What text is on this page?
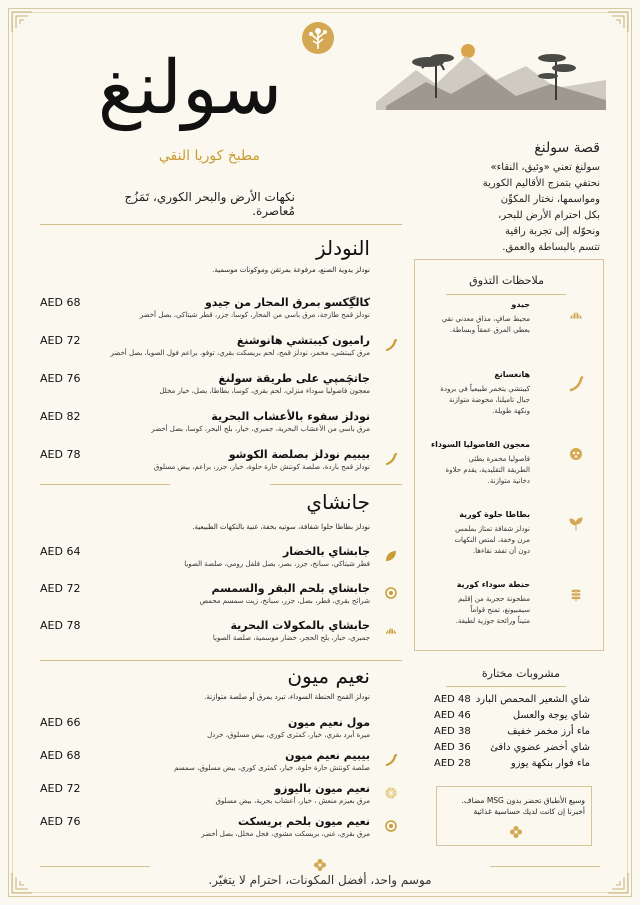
سولنغ
مطبخ كوريا النقي
نكهات الأرض والبحر الكوري، تَمَزُج مُعاصرة.
قصة سولنغ
سولنغ تعني «وئيق، النقاء»
نحتفي بتمزج الأقاليم الكورية
ومواسمها، نختار المكوِّن
بكل احترام الأرض للبحر،
ونحوّله إلى تجربة راقية
تتسم بالبساطة والعمق.
النودلز
نودلز يدوية الصنع، مرفوعة بمرتقن وموكونات موسمية.
كالگِكسو بمرق المحار من جيدو
نودلز قمح طازجة، مرق باسي من المحار، كوسا، جزر، قطر شيتاكي، بصل أخضر
AED 68
راميون كيبتشي هانوشنغ
مرق كيبتشي، مخمر، نودلز قمح، لحم بريسكت بقري، توفو، براعم فول الصويا، بصل أخضر
AED 72
جاتچَمپي على طريقة سولنغ
معجون فاصوليا سوداء منزلي، لحم بقري، كوسا، بطاطا، بصل، خيار مخلل
AED 76
نودلز سفوء بالأعشاب البحرية
مرق باسي من الأعشاب البحرية، جمبري، خيار، بلح البحر، كوسا، بصل أخضر
AED 82
بيبيم نودلز بصلصة الكوشو
نودلز قمح باردة، صلصة كونتش حارة حلوة، خيار، جزر، براعم، بيض مسلوق
AED 78
جانشاي
نودلز بطاطا حلوا شفافة، سوتيه بخفة، غنية بالنكهات الطبيعية.
جابشاي بالخضار
فطر شيتاكي، سبانخ، جزر، بصر، بصل فلفل رومي، صلصة الصويا
AED 64
جابشاي بلحم البقر والسمسم
شرائح بقري، فطر، بصل، جزر، سبانخ، زيت سمسم محمص
AED 72
جابشاي بالمكولات البحرية
جمبري، حبار، بلح الحجر، خضار موسمية، صلصة الصويا
AED 78
نعيم ميون
نودلز القمح الحنطة السوداء، تبرد بمرق أو صلصة متوازنة.
مول نعيم ميون
ميرة أبرد بقري، خيار، كمثرى كوري، بيض مسلوق، خردل
AED 66
بيبيم نعيم ميون
صلصة كونتش حارة حلوة، خيار، كمثرى كوري، بيض مسلوق، سمسم
AED 68
نعيم ميون باليوزو
مرق بعيزم منعش ، خيار، أعشاب بحرية، بيض مسلوق
AED 72
نعيم ميون بلحم بريسكت
مرق بقري، غني، بريسكت مشوي، فجل مخلل، بصل أخضر
AED 76
ملاحظات التذوق
جيدو
محيط صافٍ، مذاق معدني نقي
يعطي المرق عمقاً وبساطة.
هانغسانغ
كيبتشي يتخمر طبيعياً في برودة
جبال تاميلنا، محوضة متوازنة
ونكهة طويلة.
معجون الفاصوليا السوداء
فاصوليا مخمرة بطئي
الطريقة التقليدية، يقدم حلاوة
دخانية متوازنة.
بطاطا حلوة كورية
نودلز شفافة تمتاز بملمس
مرن وخفة، لمتص النكهات
دون أن تفقد نقاءها.
حنطة سوداء كورية
مطحونة حجرية من إقليم
سيمبيونغ، تمنح قواماً
متيناً ورائحة جوزية لطيفة.
مشروبات مختارة
شاي الشعير المحمص البارد
AED 48
شاي يوجة والعسل
AED 46
ماء أرز مخمر خفيف
AED 38
شاي أخضر عضوي دافئ
AED 36
ماء فوار بنكهة يوزو
AED 28
وسيع الأطباق تحضر بدون MSG مضاف.
أخبرنا إن كانت لديك حساسية غذائية
موسم واحد، أفضل المكونات، احترام لا يتغيّر.
